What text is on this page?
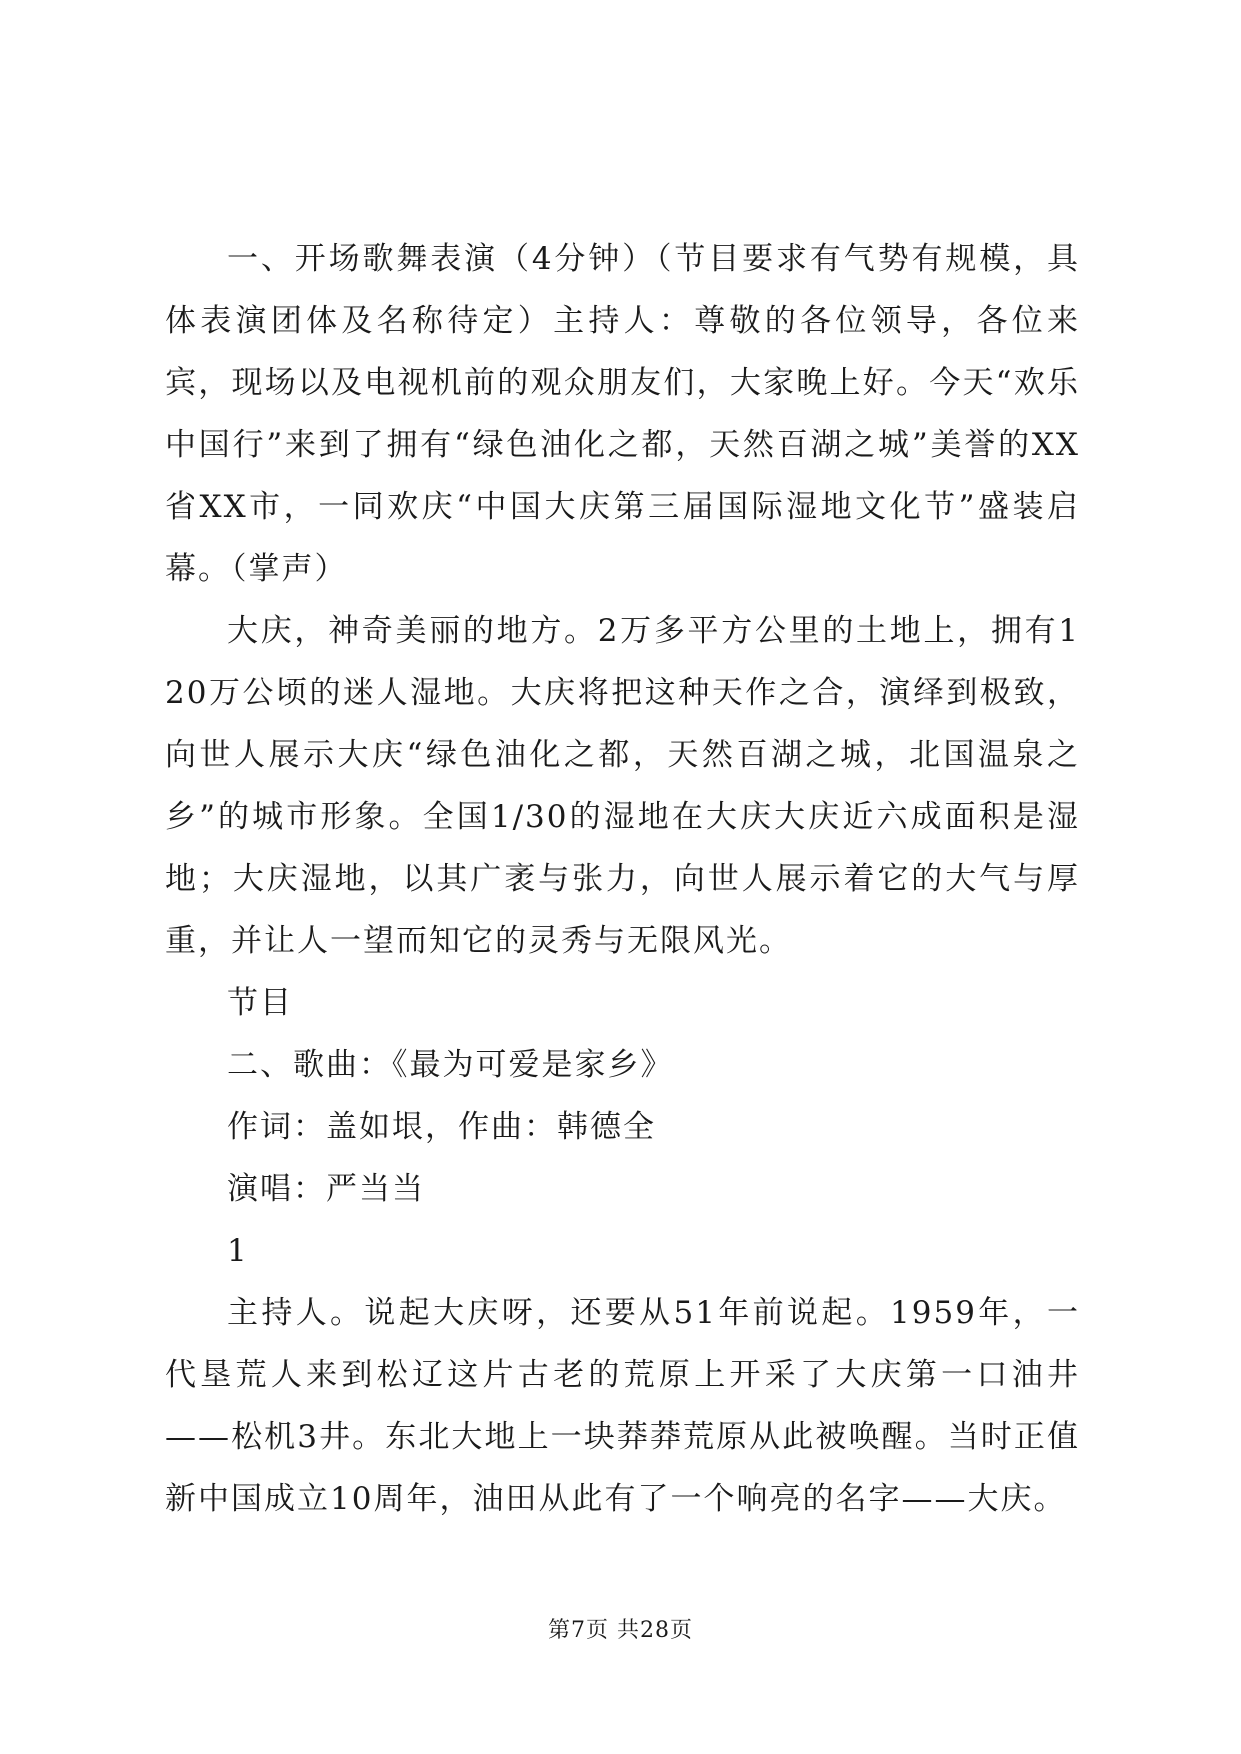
一、开场歌舞表演（4分钟）（节目要求有气势有规模，具体表演团体及名称待定）主持人：尊敬的各位领导，各位来宾，现场以及电视机前的观众朋友们，大家晚上好。今天“欢乐中国行”来到了拥有“绿色油化之都，天然百湖之城”美誉的XX省XX市，一同欢庆“中国大庆第三届国际湿地文化节”盛装启幕。（掌声）

大庆，神奇美丽的地方。2万多平方公里的土地上，拥有120万公顷的迷人湿地。大庆将把这种天作之合，演绎到极致，向世人展示大庆“绿色油化之都，天然百湖之城，北国温泉之乡”的城市形象。全国1/30的湿地在大庆大庆近六成面积是湿地；大庆湿地，以其广袤与张力，向世人展示着它的大气与厚重，并让人一望而知它的灵秀与无限风光。

节目

二、歌曲：《最为可爱是家乡》

作词：盖如垠，作曲：韩德全

演唱：严当当

1

主持人。说起大庆呀，还要从51年前说起。1959年，一代垦荒人来到松辽这片古老的荒原上开采了大庆第一口油井——松机3井。东北大地上一块莽莽荒原从此被唤醒。当时正值新中国成立10周年，油田从此有了一个响亮的名字——大庆。

第7页 共28页
